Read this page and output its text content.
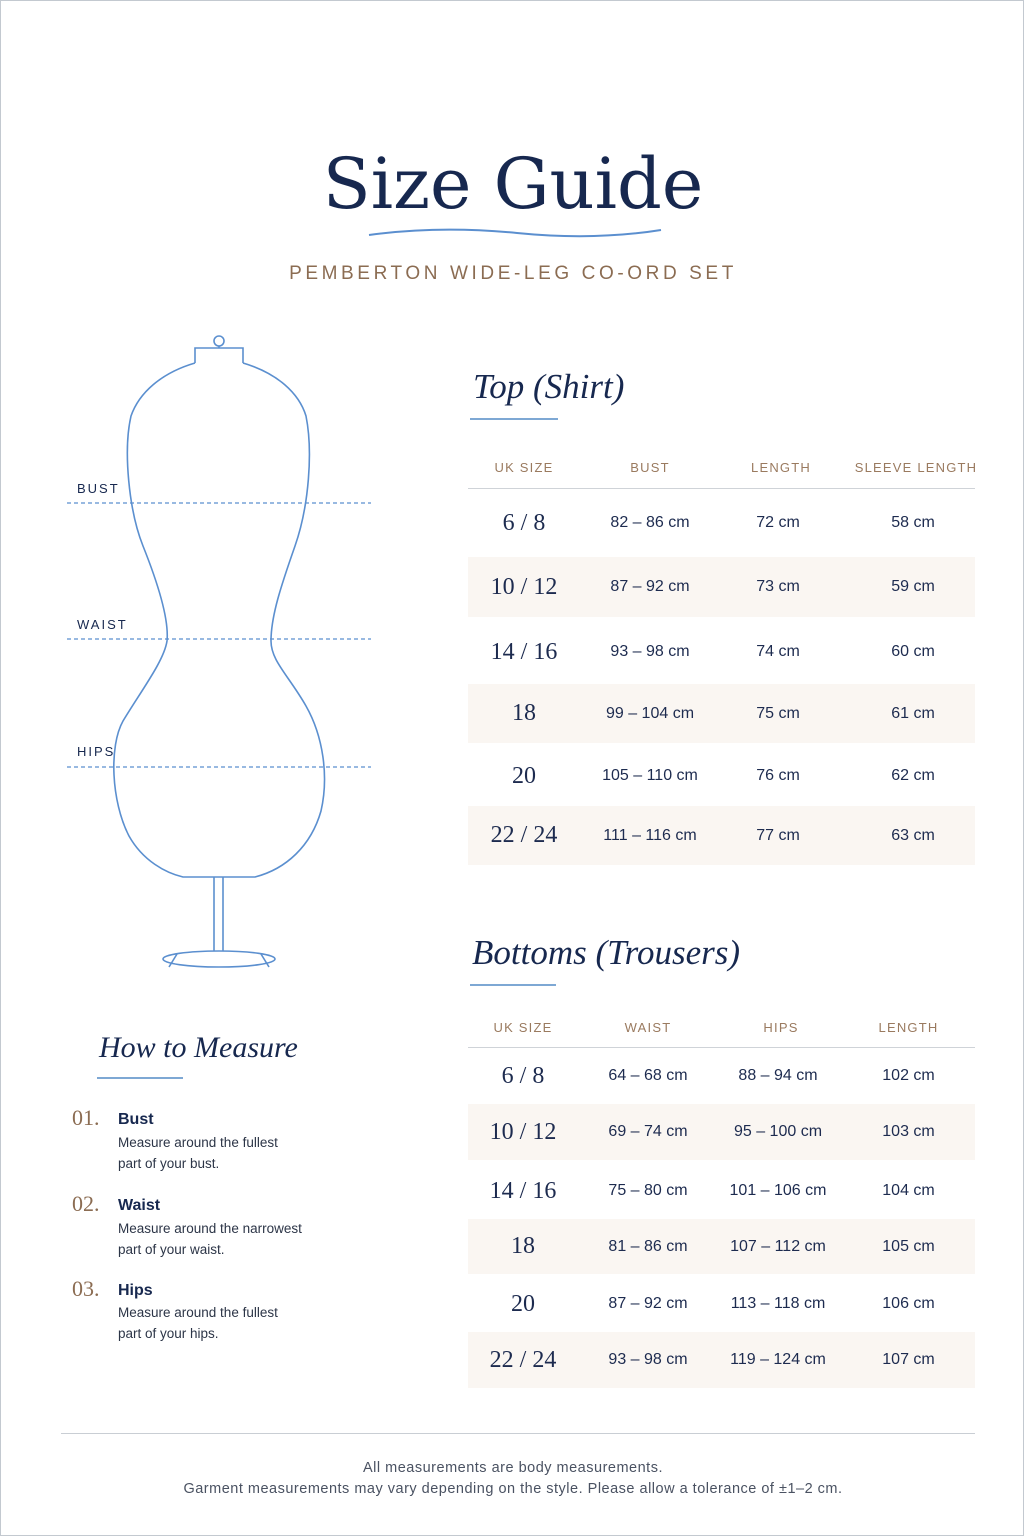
Size Guide
PEMBERTON WIDE-LEG CO-ORD SET
BUST
WAIST
HIPS
Top (Shirt)
UK SIZE	BUST	LENGTH	SLEEVE LENGTH
6 / 8	82 – 86 cm	72 cm	58 cm
10 / 12	87 – 92 cm	73 cm	59 cm
14 / 16	93 – 98 cm	74 cm	60 cm
18	99 – 104 cm	75 cm	61 cm
20	105 – 110 cm	76 cm	62 cm
22 / 24	111 – 116 cm	77 cm	63 cm
Bottoms (Trousers)
UK SIZE	WAIST	HIPS	LENGTH
6 / 8	64 – 68 cm	88 – 94 cm	102 cm
10 / 12	69 – 74 cm	95 – 100 cm	103 cm
14 / 16	75 – 80 cm	101 – 106 cm	104 cm
18	81 – 86 cm	107 – 112 cm	105 cm
20	87 – 92 cm	113 – 118 cm	106 cm
22 / 24	93 – 98 cm	119 – 124 cm	107 cm
How to Measure
01. Bust
Measure around the fullest
part of your bust.
02. Waist
Measure around the narrowest
part of your waist.
03. Hips
Measure around the fullest
part of your hips.
All measurements are body measurements.
Garment measurements may vary depending on the style. Please allow a tolerance of ±1–2 cm.
